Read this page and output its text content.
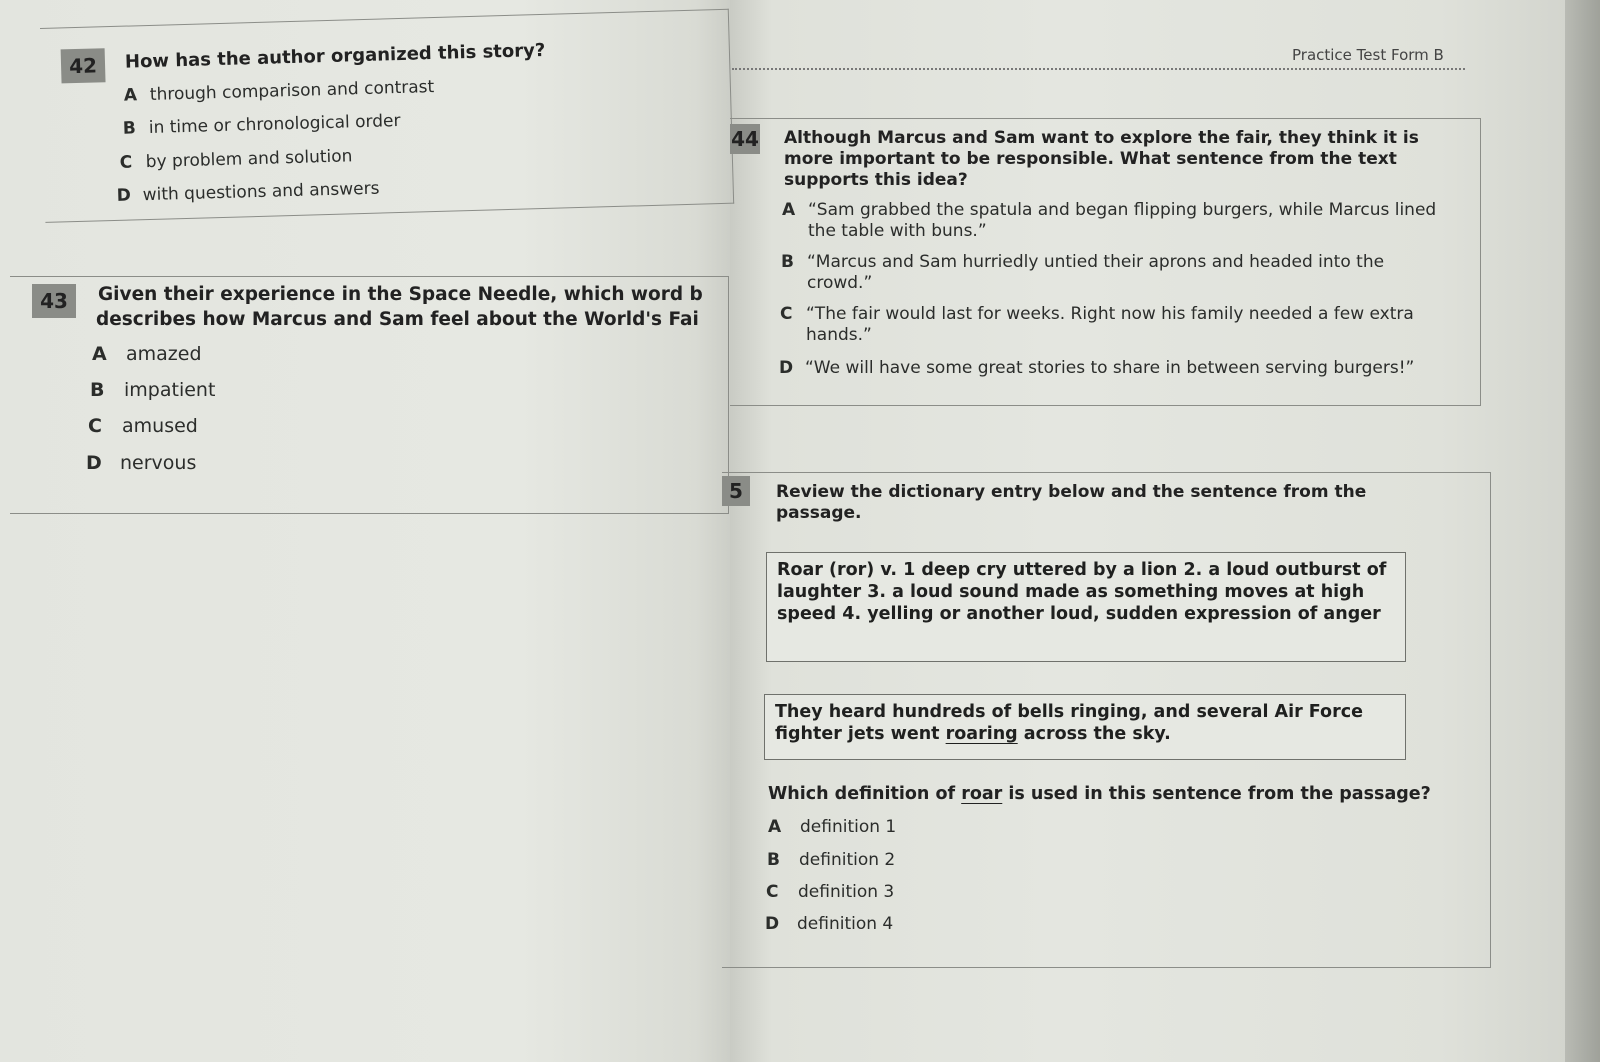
42	How has the author organized this story?
A through comparison and contrast
B in time or chronological order
C by problem and solution
D with questions and answers
43	Given their experience in the Space Needle, which word b
describes how Marcus and Sam feel about the World's Fai
A amazed
B impatient
C amused
D nervous
Practice Test Form B
44 Although Marcus and Sam want to explore the fair, they think it is more important to be responsible. What sentence from the text supports this idea?
A “Sam grabbed the spatula and began flipping burgers, while Marcus lined the table with buns.”
B “Marcus and Sam hurriedly untied their aprons and headed into the crowd.”
C “The fair would last for weeks. Right now his family needed a few extra hands.”
D “We will have some great stories to share in between serving burgers!”
5	Review the dictionary entry below and the sentence from the passage.
Roar (ror) v. 1 deep cry uttered by a lion 2. a loud outburst of laughter 3. a loud sound made as something moves at high speed 4. yelling or another loud, sudden expression of anger
They heard hundreds of bells ringing, and several Air Force fighter jets went roaring across the sky.
Which definition of roar is used in this sentence from the passage?
A definition 1
B definition 2
C definition 3
D definition 4
